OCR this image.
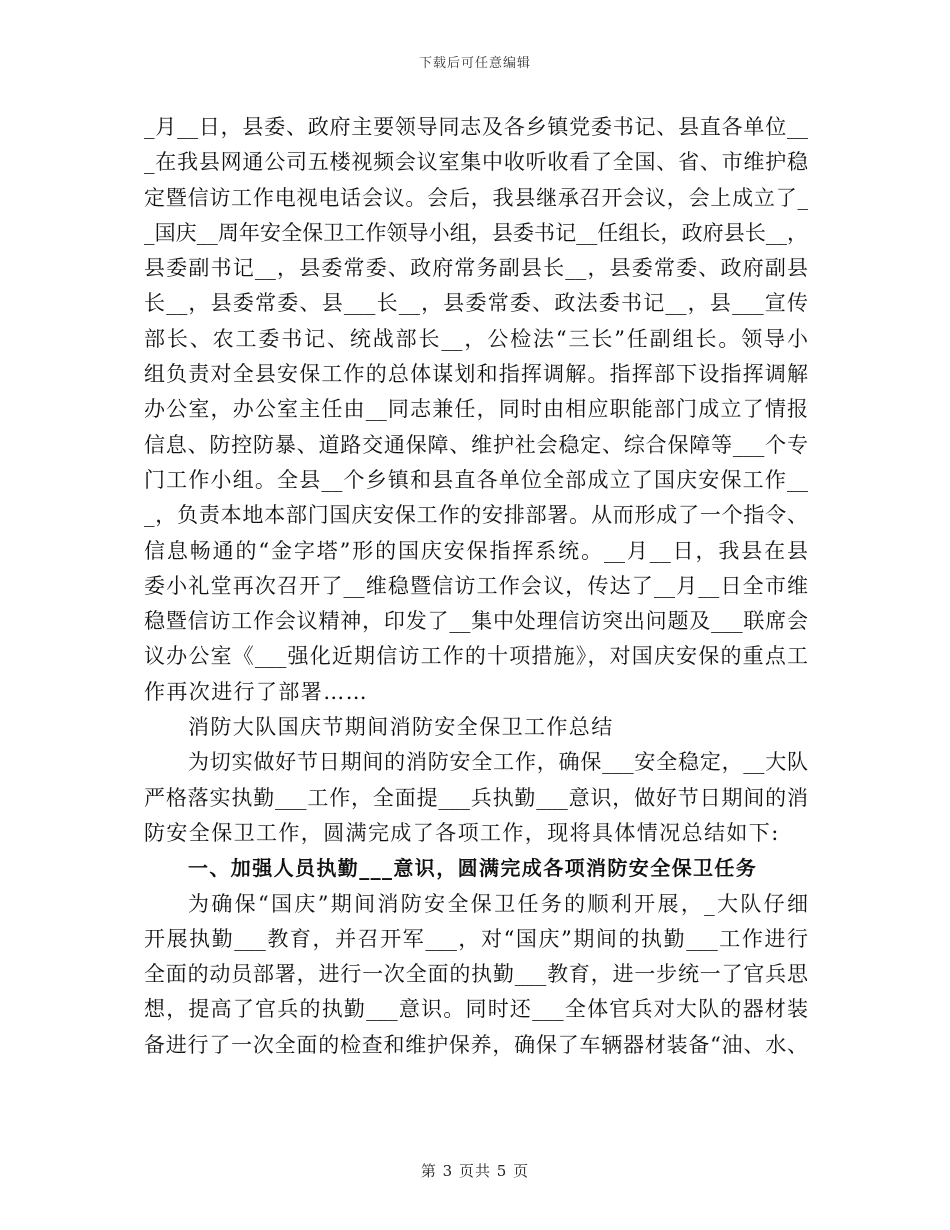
下载后可任意编辑
_月__日，县委、政府主要领导同志及各乡镇党委书记、县直各单位__
_在我县网通公司五楼视频会议室集中收听收看了全国、省、市维护稳
定暨信访工作电视电话会议。会后，我县继承召开会议，会上成立了_
_国庆__周年安全保卫工作领导小组，县委书记__任组长，政府县长__，
县委副书记__，县委常委、政府常务副县长__，县委常委、政府副县
长__，县委常委、县___长__，县委常委、政法委书记__，县___宣传
部长、农工委书记、统战部长__，公检法“三长”任副组长。领导小
组负责对全县安保工作的总体谋划和指挥调解。指挥部下设指挥调解
办公室，办公室主任由__同志兼任，同时由相应职能部门成立了情报
信息、防控防暴、道路交通保障、维护社会稳定、综合保障等___个专
门工作小组。全县__个乡镇和县直各单位全部成立了国庆安保工作__
_，负责本地本部门国庆安保工作的安排部署。从而形成了一个指令、
信息畅通的“金字塔”形的国庆安保指挥系统。__月__日，我县在县
委小礼堂再次召开了__维稳暨信访工作会议，传达了__月__日全市维
稳暨信访工作会议精神，印发了__集中处理信访突出问题及___联席会
议办公室《___强化近期信访工作的十项措施》，对国庆安保的重点工
作再次进行了部署……
消防大队国庆节期间消防安全保卫工作总结
为切实做好节日期间的消防安全工作，确保___安全稳定，__大队
严格落实执勤___工作，全面提___兵执勤___意识，做好节日期间的消
防安全保卫工作，圆满完成了各项工作，现将具体情况总结如下:
一、加强人员执勤___意识，圆满完成各项消防安全保卫任务
为确保“国庆”期间消防安全保卫任务的顺利开展，_大队仔细
开展执勤___教育，并召开军___，对“国庆”期间的执勤___工作进行
全面的动员部署，进行一次全面的执勤___教育，进一步统一了官兵思
想，提高了官兵的执勤___意识。同时还___全体官兵对大队的器材装
备进行了一次全面的检查和维护保养，确保了车辆器材装备“油、水、
第 3 页共 5 页
